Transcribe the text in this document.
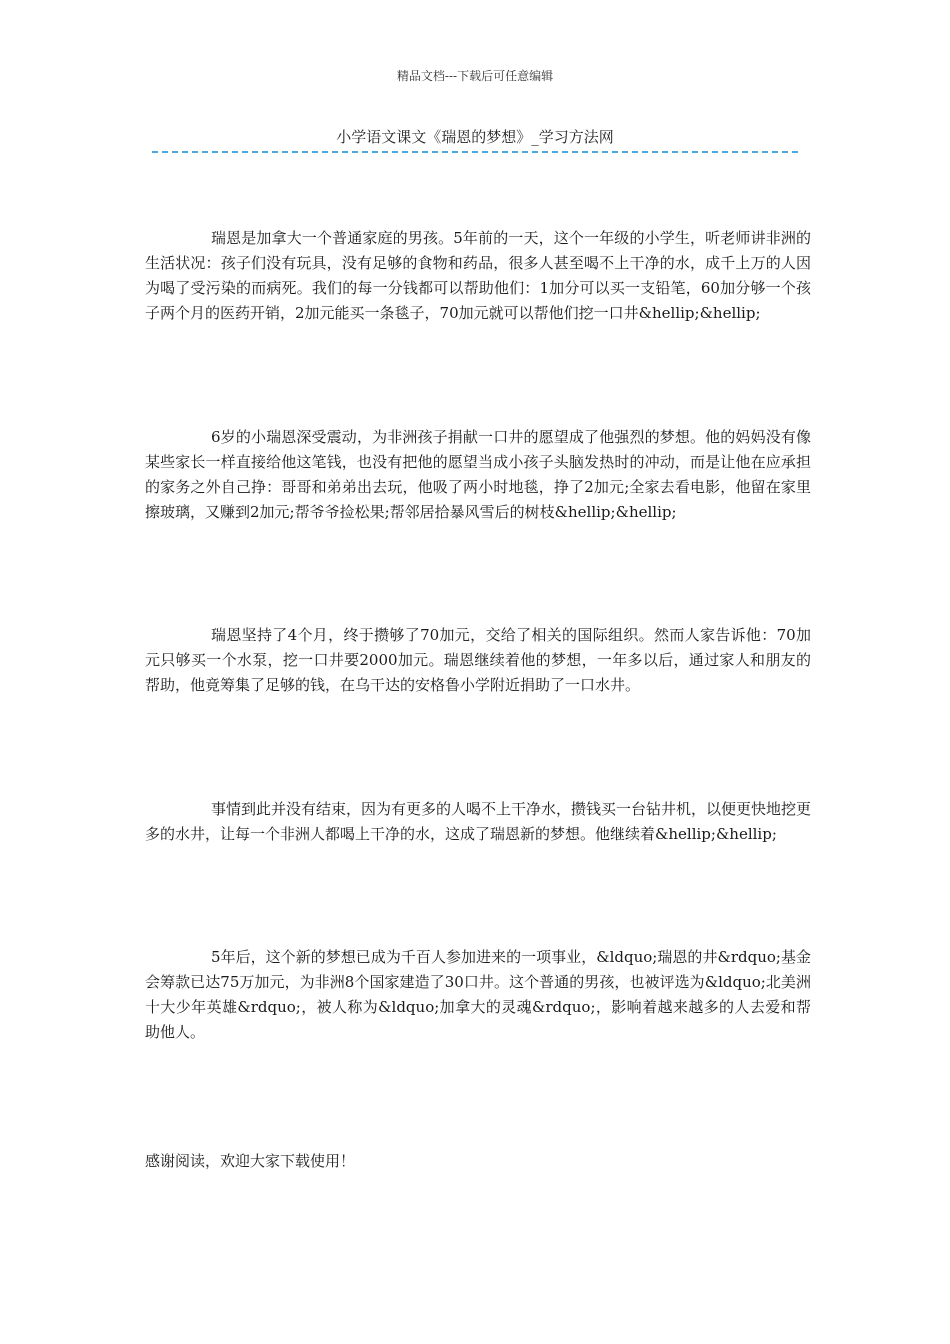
精品文档---下载后可任意编辑
小学语文课文《瑞恩的梦想》_学习方法网

瑞恩是加拿大一个普通家庭的男孩。5年前的一天，这个一年级的小学生，听老师讲非洲的生活状况：孩子们没有玩具，没有足够的食物和药品，很多人甚至喝不上干净的水，成千上万的人因为喝了受污染的而病死。我们的每一分钱都可以帮助他们：1加分可以买一支铅笔，60加分够一个孩子两个月的医药开销，2加元能买一条毯子，70加元就可以帮他们挖一口井&hellip;&hellip;

6岁的小瑞恩深受震动，为非洲孩子捐献一口井的愿望成了他强烈的梦想。他的妈妈没有像某些家长一样直接给他这笔钱，也没有把他的愿望当成小孩子头脑发热时的冲动，而是让他在应承担的家务之外自己挣：哥哥和弟弟出去玩，他吸了两小时地毯，挣了2加元;全家去看电影，他留在家里擦玻璃，又赚到2加元;帮爷爷捡松果;帮邻居拾暴风雪后的树枝&hellip;&hellip;

瑞恩坚持了4个月，终于攒够了70加元，交给了相关的国际组织。然而人家告诉他：70加元只够买一个水泵，挖一口井要2000加元。瑞恩继续着他的梦想，一年多以后，通过家人和朋友的帮助，他竟筹集了足够的钱，在乌干达的安格鲁小学附近捐助了一口水井。

事情到此并没有结束，因为有更多的人喝不上干净水，攒钱买一台钻井机，以便更快地挖更多的水井，让每一个非洲人都喝上干净的水，这成了瑞恩新的梦想。他继续着&hellip;&hellip;

5年后，这个新的梦想已成为千百人参加进来的一项事业，&ldquo;瑞恩的井&rdquo;基金会筹款已达75万加元，为非洲8个国家建造了30口井。这个普通的男孩，也被评选为&ldquo;北美洲十大少年英雄&rdquo;，被人称为&ldquo;加拿大的灵魂&rdquo;，影响着越来越多的人去爱和帮助他人。

感谢阅读，欢迎大家下载使用！
